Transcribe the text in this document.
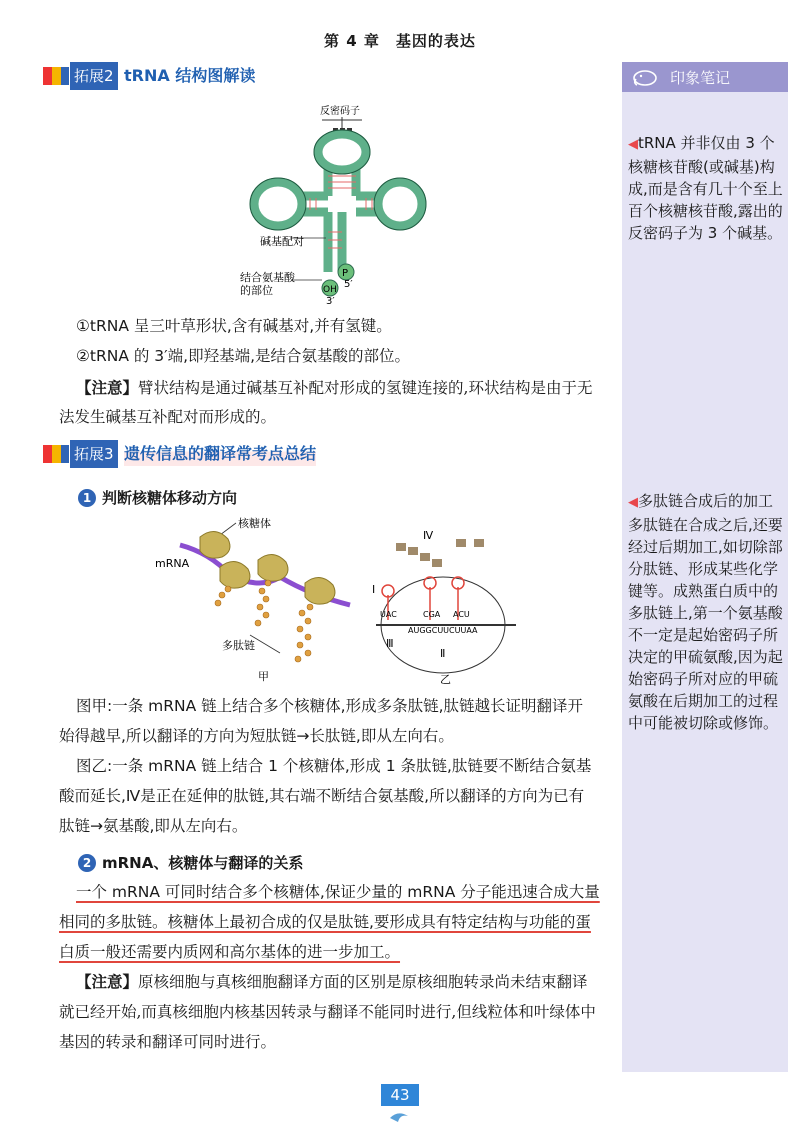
第 4 章　基因的表达
印象笔记
◀tRNA 并非仅由 3 个核糖核苷酸(或碱基)构成,而是含有几十个至上百个核糖核苷酸,露出的反密码子为 3 个碱基。
◀多肽链合成后的加工
多肽链在合成之后,还要经过后期加工,如切除部分肽链、形成某些化学键等。成熟蛋白质中的多肽链上,第一个氨基酸不一定是起始密码子所决定的甲硫氨酸,因为起始密码子所对应的甲硫氨酸在后期加工的过程中可能被切除或修饰。
拓展2 tRNA 结构图解读
反密码子
碱基配对
P
5′
OH
3′
结合氨基酸
的部位
①tRNA 呈三叶草形状,含有碱基对,并有氢键。
②tRNA 的 3′端,即羟基端,是结合氨基酸的部位。
【注意】臂状结构是通过碱基互补配对形成的氢键连接的,环状结构是由于无
法发生碱基互补配对而形成的。
拓展3 遗传信息的翻译常考点总结
1 判断核糖体移动方向
核糖体
mRNA
多肽链
甲
Ⅳ
Ⅰ
UAC	CGA ACU
AUGGCUUCUUAA
Ⅲ
Ⅱ
乙
图甲:一条 mRNA 链上结合多个核糖体,形成多条肽链,肽链越长证明翻译开
始得越早,所以翻译的方向为短肽链→长肽链,即从左向右。
图乙:一条 mRNA 链上结合 1 个核糖体,形成 1 条肽链,肽链要不断结合氨基
酸而延长,Ⅳ是正在延伸的肽链,其右端不断结合氨基酸,所以翻译的方向为已有
肽链→氨基酸,即从左向右。
2 mRNA、核糖体与翻译的关系
一个 mRNA 可同时结合多个核糖体,保证少量的 mRNA 分子能迅速合成大量
相同的多肽链。核糖体上最初合成的仅是肽链,要形成具有特定结构与功能的蛋
白质一般还需要内质网和高尔基体的进一步加工。
【注意】原核细胞与真核细胞翻译方面的区别是原核细胞转录尚未结束翻译
就已经开始,而真核细胞内核基因转录与翻译不能同时进行,但线粒体和叶绿体中
基因的转录和翻译可同时进行。
43
